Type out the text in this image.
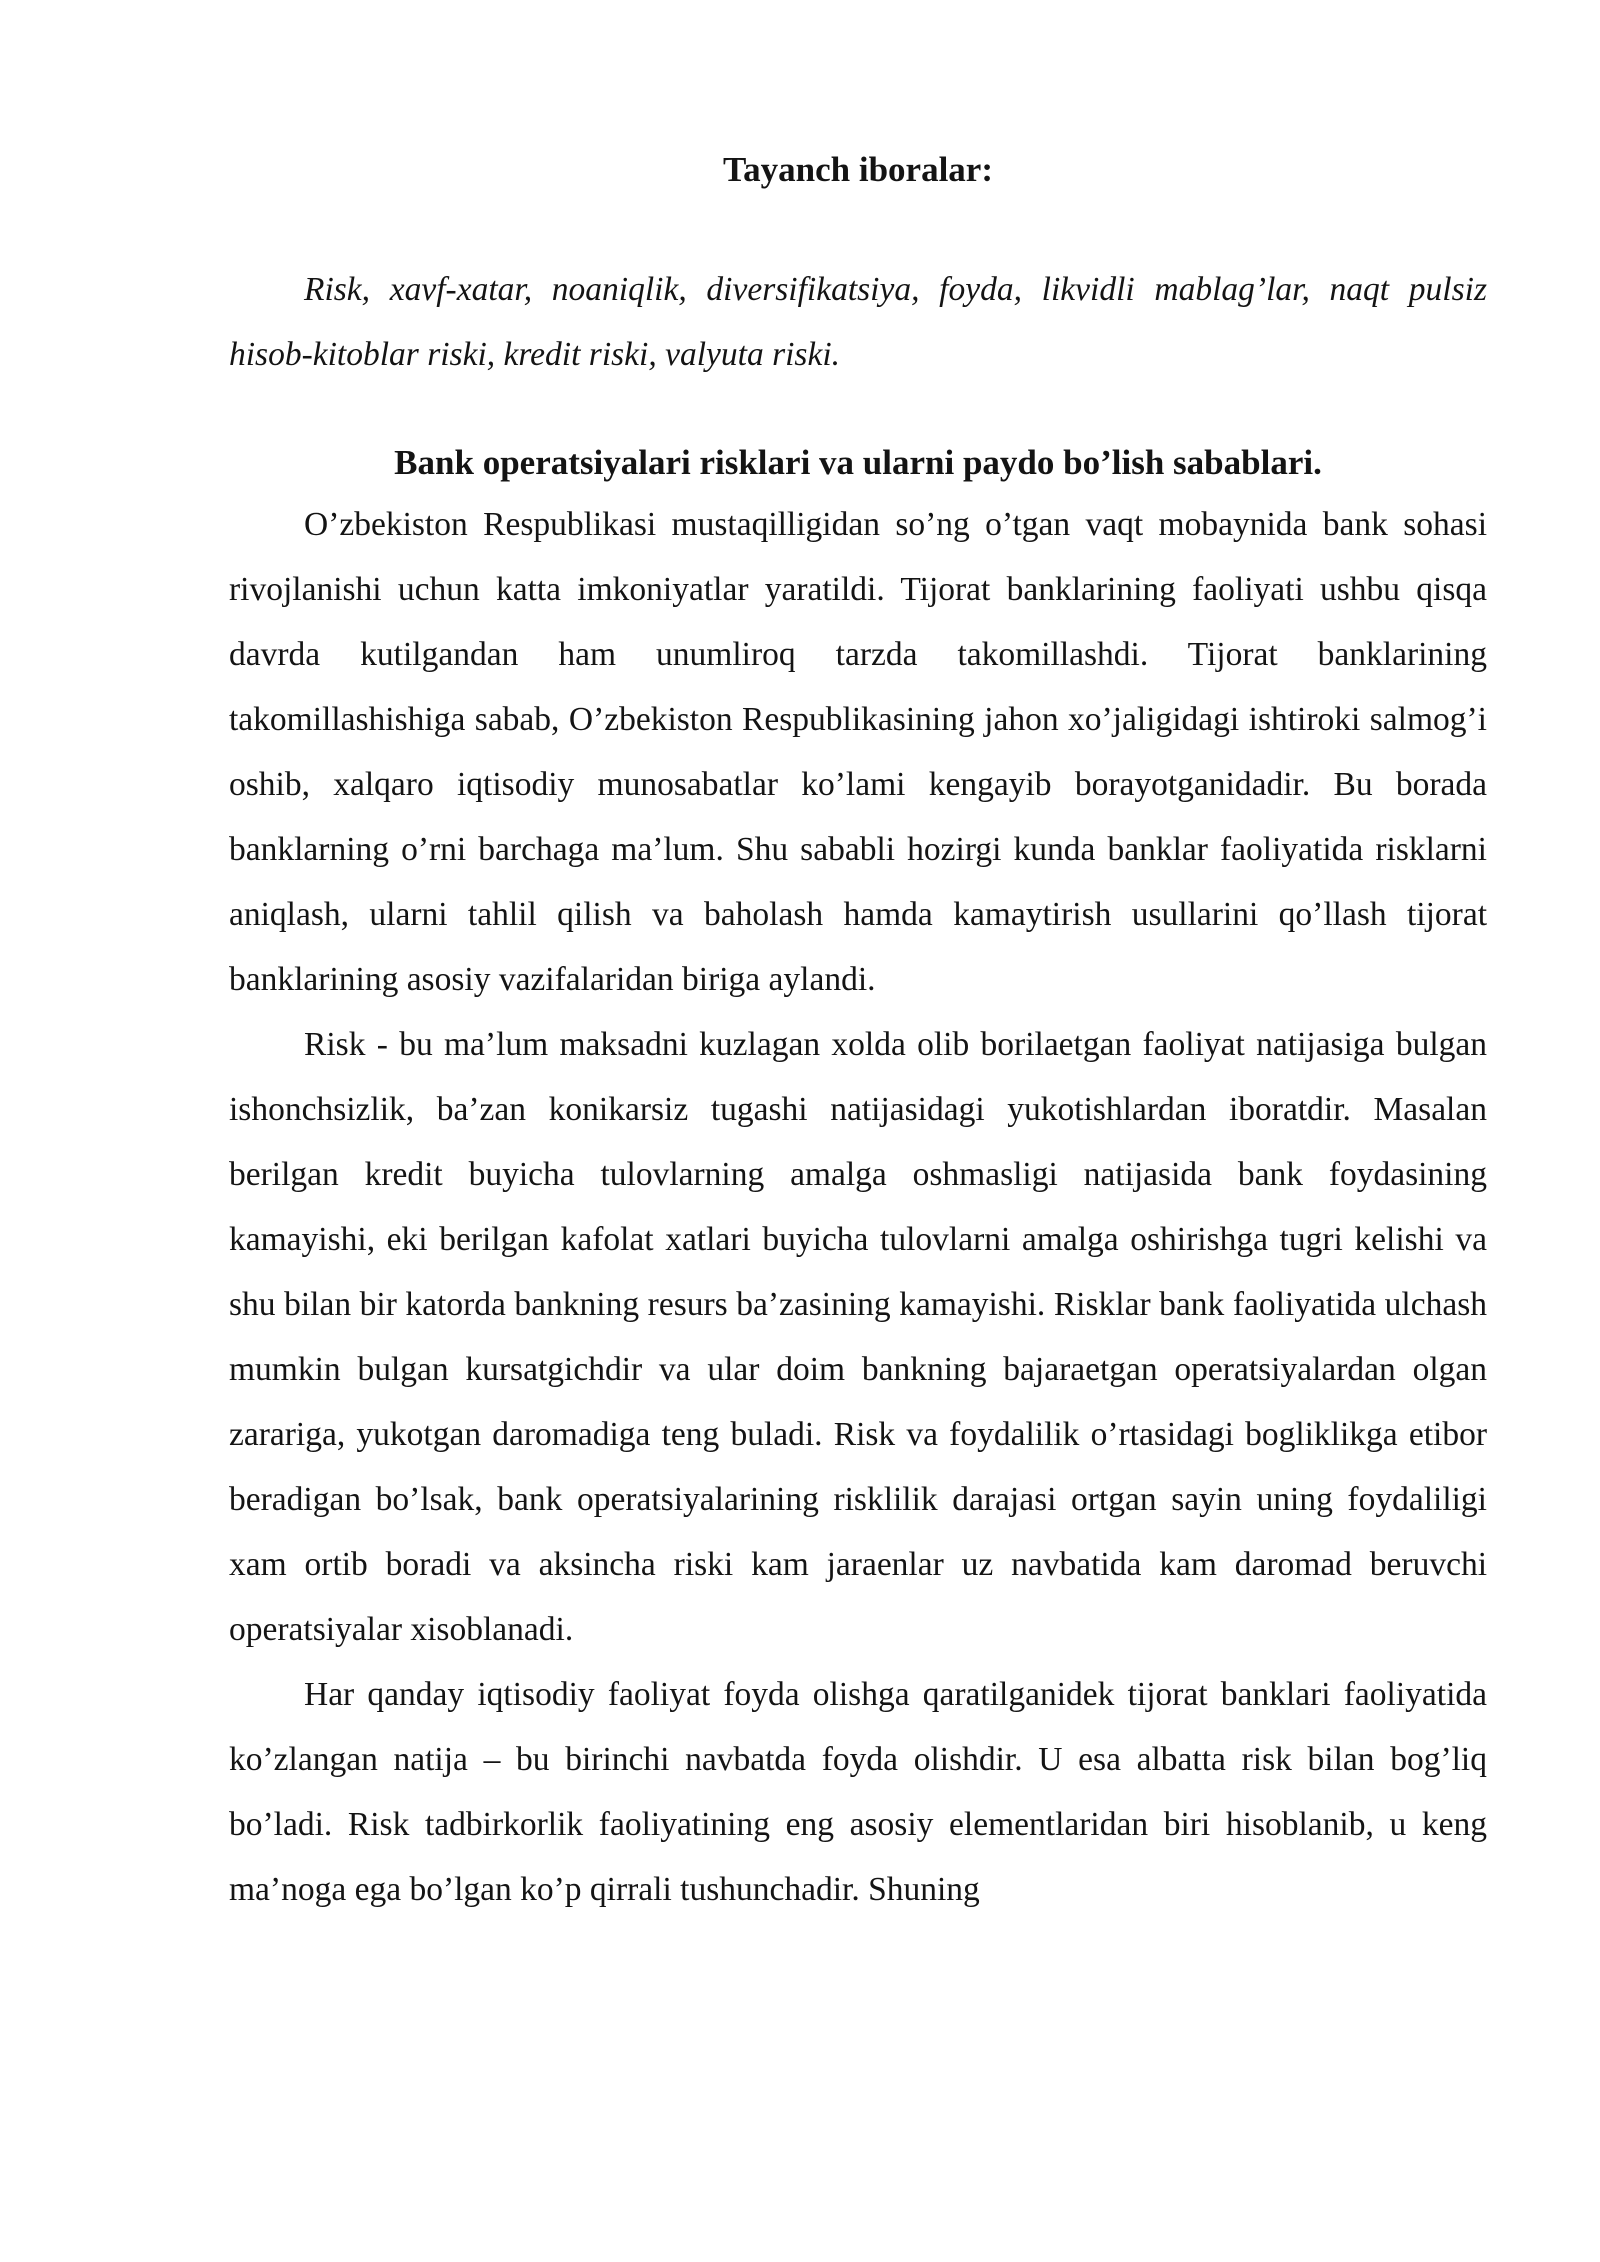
Tayanch iboralar:

Risk, xavf-xatar, noaniqlik, diversifikatsiya, foyda, likvidli mablag’lar, naqt pulsiz hisob-kitoblar riski, kredit riski, valyuta riski.

Bank operatsiyalari risklari va ularni paydo bo’lish sabablari.

O’zbekiston Respublikasi mustaqilligidan so’ng o’tgan vaqt mobaynida bank sohasi rivojlanishi uchun katta imkoniyatlar yaratildi. Tijorat banklarining faoliyati ushbu qisqa davrda kutilgandan ham unumliroq tarzda takomillashdi. Tijorat banklarining takomillashishiga sabab, O’zbekiston Respublikasining jahon xo’jaligidagi ishtiroki salmog’i oshib, xalqaro iqtisodiy munosabatlar ko’lami kengayib borayotganidadir. Bu borada banklarning o’rni barchaga ma’lum. Shu sababli hozirgi kunda banklar faoliyatida risklarni aniqlash, ularni tahlil qilish va baholash hamda kamaytirish usullarini qo’llash tijorat banklarining asosiy vazifalaridan biriga aylandi.

Risk - bu ma’lum maksadni kuzlagan xolda olib borilaetgan faoliyat natijasiga bulgan ishonchsizlik, ba’zan konikarsiz tugashi natijasidagi yukotishlardan iboratdir. Masalan berilgan kredit buyicha tulovlarning amalga oshmasligi natijasida bank foydasining kamayishi, eki berilgan kafolat xatlari buyicha tulovlarni amalga oshirishga tugri kelishi va shu bilan bir katorda bankning resurs ba’zasining kamayishi. Risklar bank faoliyatida ulchash mumkin bulgan kursatgichdir va ular doim bankning bajaraetgan operatsiyalardan olgan zarariga, yukotgan daromadiga teng buladi. Risk va foydalilik o’rtasidagi bogliklikga etibor beradigan bo’lsak, bank operatsiyalarining risklilik darajasi ortgan sayin uning foydaliligi xam ortib boradi va aksincha riski kam jaraenlar uz navbatida kam daromad beruvchi operatsiyalar xisoblanadi.

Har qanday iqtisodiy faoliyat foyda olishga qaratilganidek tijorat banklari faoliyatida ko’zlangan natija – bu birinchi navbatda foyda olishdir. U esa albatta risk bilan bog’liq bo’ladi. Risk tadbirkorlik faoliyatining eng asosiy elementlaridan biri hisoblanib, u keng ma’noga ega bo’lgan ko’p qirrali tushunchadir. Shuning
